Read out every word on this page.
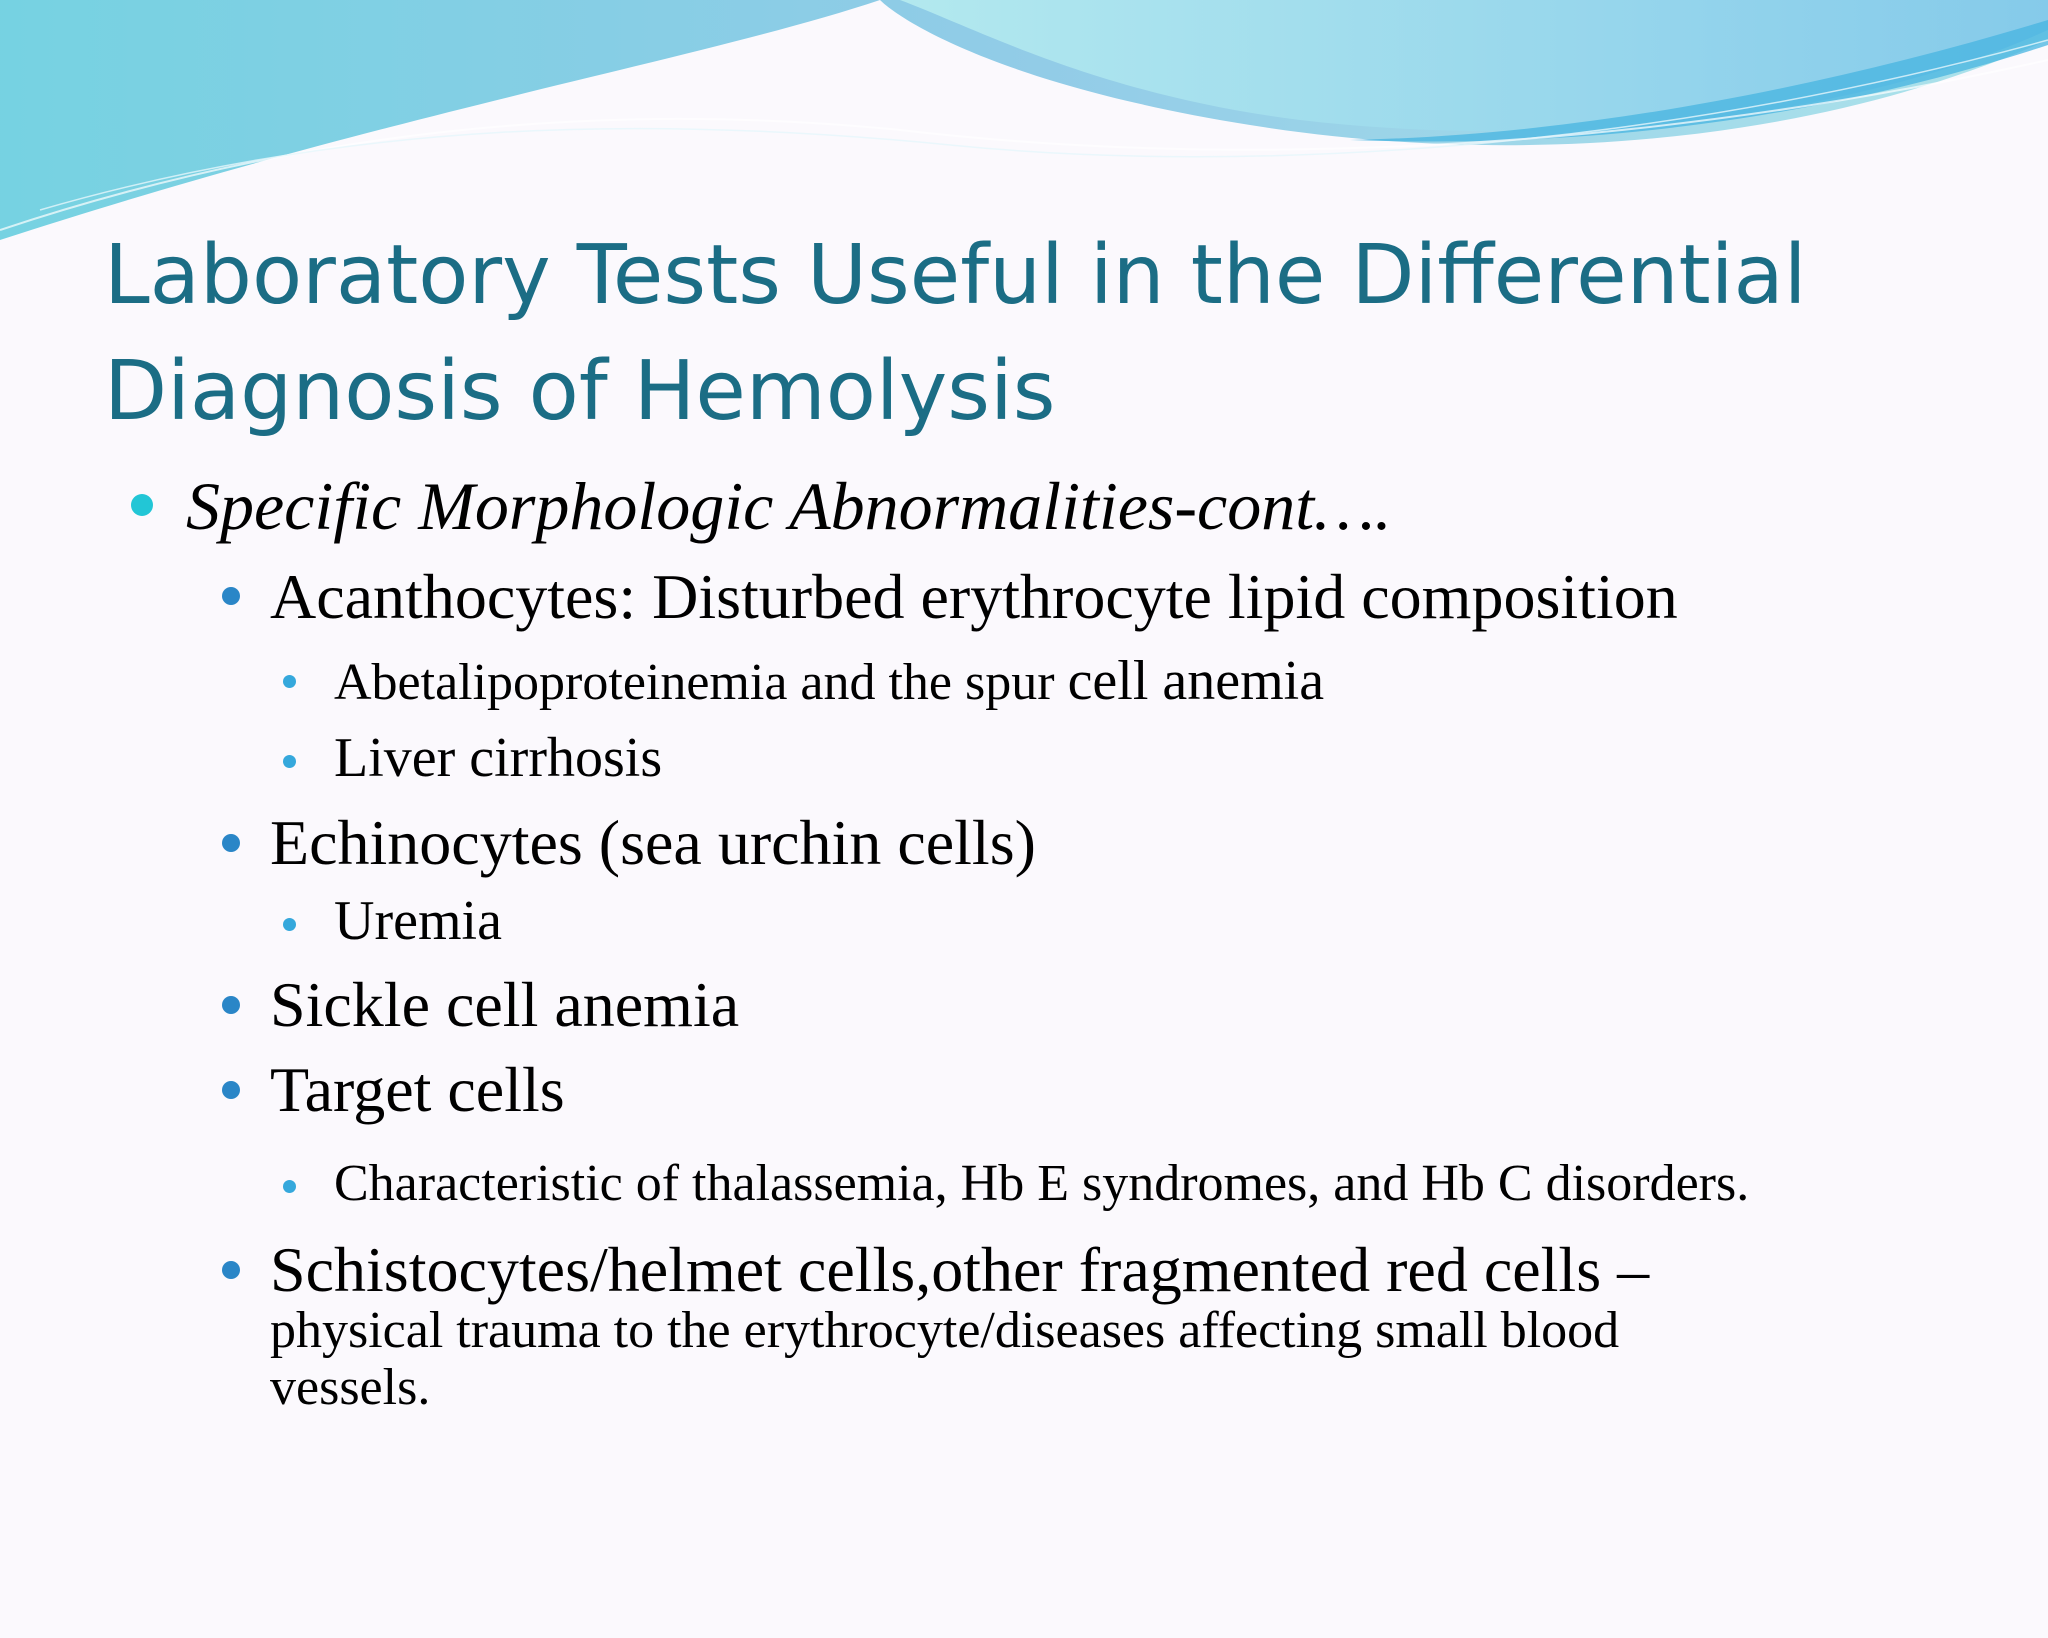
Laboratory Tests Useful in the Differential
Diagnosis of Hemolysis
Specific Morphologic Abnormalities-cont….
Acanthocytes: Disturbed erythrocyte lipid composition
Abetalipoproteinemia and the spur cell anemia
Liver cirrhosis
Echinocytes (sea urchin cells)
Uremia
Sickle cell anemia
Target cells
Characteristic of thalassemia, Hb E syndromes, and Hb C disorders.
Schistocytes/helmet cells,other fragmented red cells –
physical trauma to the erythrocyte/diseases affecting small blood
vessels.
